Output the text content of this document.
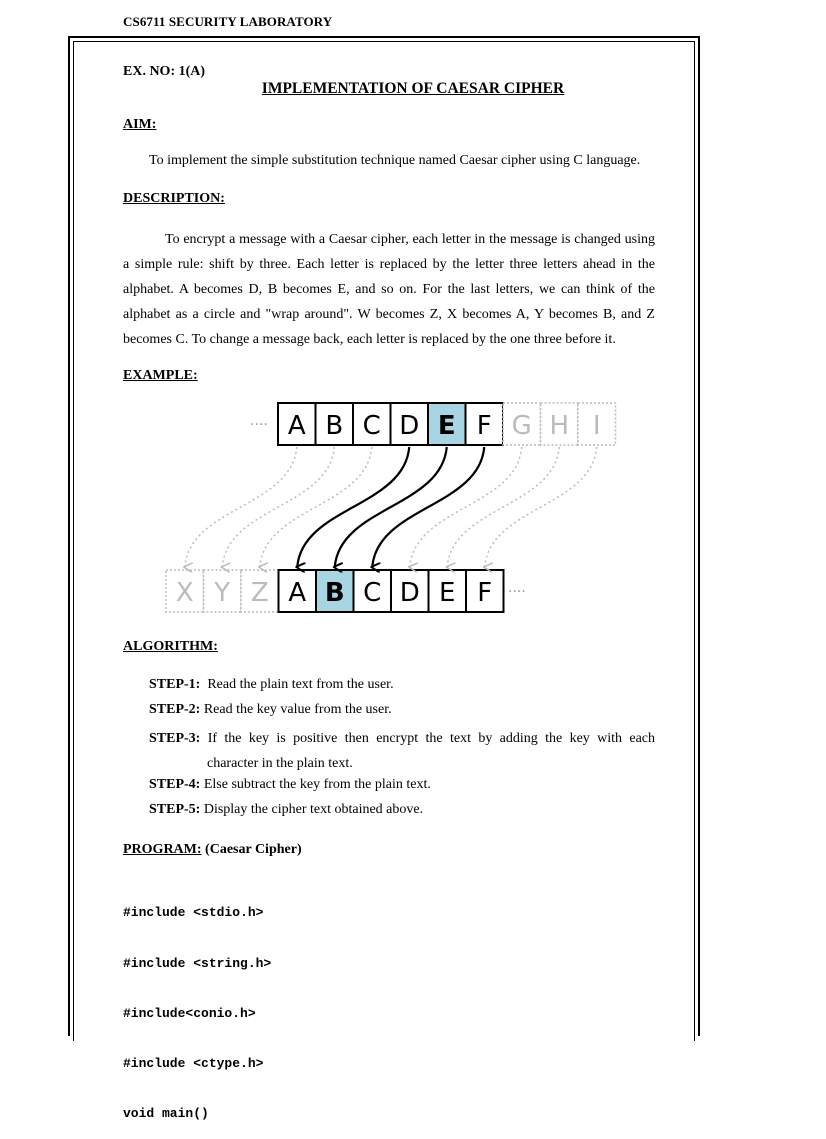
CS6711 SECURITY LABORATORY
EX. NO: 1(A)
IMPLEMENTATION OF CAESAR CIPHER
AIM:
To implement the simple substitution technique named Caesar cipher using C language.
DESCRIPTION:
To encrypt a message with a Caesar cipher, each letter in the message is changed using a simple rule: shift by three. Each letter is replaced by the letter three letters ahead in the alphabet. A becomes D, B becomes E, and so on. For the last letters, we can think of the alphabet as a circle and "wrap around". W becomes Z, X becomes A, Y becomes B, and Z becomes C. To change a message back, each letter is replaced by the one three before it.
EXAMPLE:
A B C D E F G H I
X Y Z A B C D E F
····
····
ALGORITHM:
STEP-1: Read the plain text from the user.
STEP-2: Read the key value from the user.
STEP-3: If the key is positive then encrypt the text by adding the key with each
character in the plain text.
STEP-4: Else subtract the key from the plain text.
STEP-5: Display the cipher text obtained above.
PROGRAM: (Caesar Cipher)

#include <stdio.h>

#include <string.h>

#include<conio.h>

#include <ctype.h>

void main()
